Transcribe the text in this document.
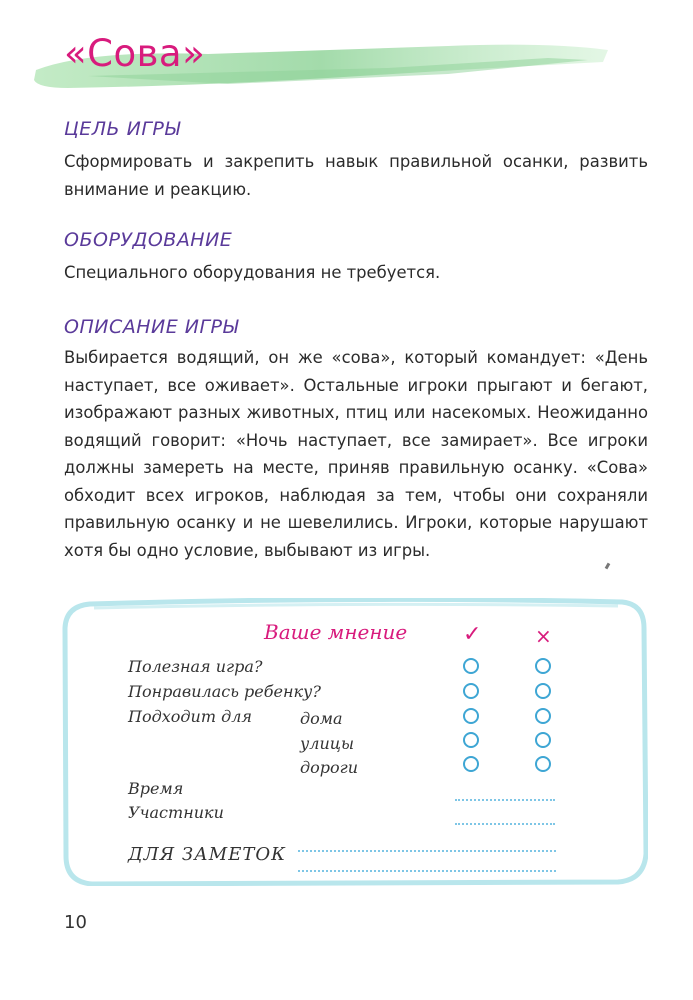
«Сова»
ЦЕЛЬ ИГРЫ

Сформировать и закрепить навык правильной осанки, развить внимание и реакцию.

ОБОРУДОВАНИЕ

Специального оборудования не требуется.

ОПИСАНИЕ ИГРЫ

Выбирается водящий, он же «сова», который командует: «День наступает, все оживает». Остальные игроки прыгают и бегают, изображают разных животных, птиц или насекомых. Неожиданно водящий говорит: «Ночь наступает, все замирает». Все игроки должны замереть на месте, приняв правильную осанку. «Сова» обходит всех игроков, наблюдая за тем, чтобы они сохраняли правильную осанку и не шевелились. Игроки, которые нарушают хотя бы одно условие, выбывают из игры.

Ваше мнение	✓	×

Полезная игра?

Понравилась ребенку?

Подходит для	дома

улицы

дороги

Время

Участники

ДЛЯ ЗАМЕТОК

10
